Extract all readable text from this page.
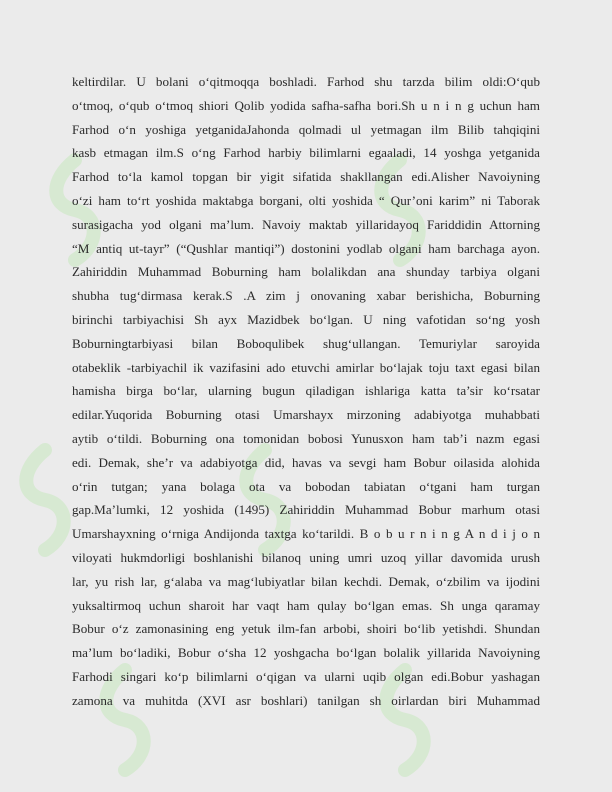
keltirdilar. U bolani o‘qitmoqqa boshladi. Farhod shu tarzda bilim oldi:O‘qub
o‘tmoq, o‘qub o‘tmoq shiori Qolib yodida safha-safha bori.Sh u n i n g uchun ham
Farhod o‘n yoshiga yetganidaJahonda qolmadi ul yetmagan ilm Bilib tahqiqini
kasb etmagan ilm.S o‘ng Farhod harbiy bilimlarni egaaladi, 14 yoshga yetganida
Farhod to‘la kamol topgan bir yigit sifatida shakllangan edi.Alisher Navoiyning
o‘zi ham to‘rt yoshida maktabga borgani, olti yoshida “ Qur’oni karim” ni Taborak
surasigacha yod olgani ma’lum. Navoiy maktab yillaridayoq Fariddidin Attorning
“M antiq ut-tayr” (“Qushlar mantiqi”) dostonini yodlab olgani ham barchaga ayon.
Zahiriddin Muhammad Boburning ham bolalikdan ana shunday tarbiya olgani
shubha tug‘dirmasa kerak.S .A zim j onovaning xabar berishicha, Boburning
birinchi tarbiyachisi Sh ayx Mazidbek bo‘lgan. U ning vafotidan so‘ng yosh
Boburningtarbiyasi bilan Boboqulibek shug‘ullangan. Temuriylar saroyida
otabeklik -tarbiyachil ik vazifasini ado etuvchi amirlar bo‘lajak toju taxt egasi bilan
hamisha birga bo‘lar, ularning bugun qiladigan ishlariga katta ta’sir ko‘rsatar
edilar.Yuqorida Boburning otasi Umarshayx mirzoning adabiyotga muhabbati
aytib o‘tildi. Boburning ona tomonidan bobosi Yunusxon ham tab’i nazm egasi
edi. Demak, she’r va adabiyotga did, havas va sevgi ham Bobur oilasida alohida
o‘rin tutgan; yana bolaga ota va bobodan tabiatan o‘tgani ham turgan
gap.Ma’lumki, 12 yoshida (1495) Zahiriddin Muhammad Bobur marhum otasi
Umarshayxning o‘rniga Andijonda taxtga ko‘tarildi. B o b u r n i n g A n d i j o n
viloyati hukmdorligi boshlanishi bilanoq uning umri uzoq yillar davomida urush
lar, yu rish lar, g‘alaba va mag‘lubiyatlar bilan kechdi. Demak, o‘zbilim va ijodini
yuksaltirmoq uchun sharoit har vaqt ham qulay bo‘lgan emas. Sh unga qaramay
Bobur o‘z zamonasining eng yetuk ilm-fan arbobi, shoiri bo‘lib yetishdi. Shundan
ma’lum bo‘ladiki, Bobur o‘sha 12 yoshgacha bo‘lgan bolalik yillarida Navoiyning
Farhodi singari ko‘p bilimlarni o‘qigan va ularni uqib olgan edi.Bobur yashagan
zamona va muhitda (XVI asr boshlari) tanilgan sh oirlardan biri Muhammad
